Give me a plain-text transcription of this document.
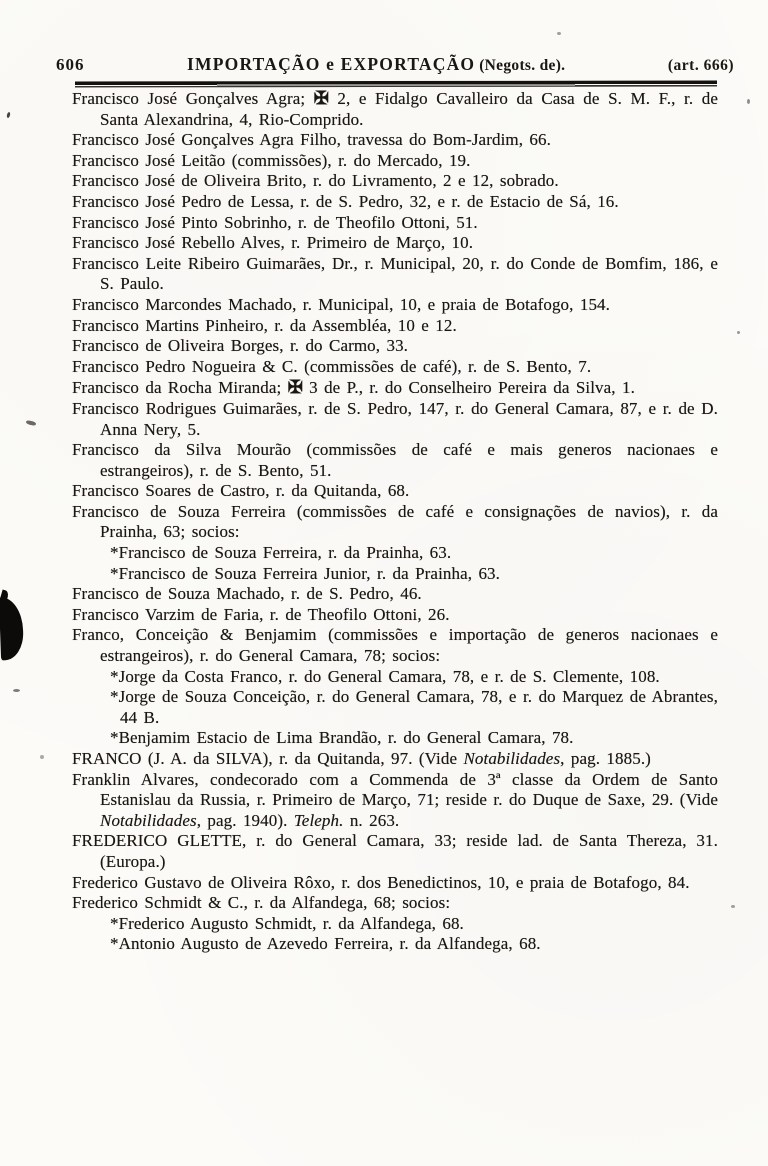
606	IMPORTAÇÃO e EXPORTAÇÃO (Negots. de).	(art. 666)

Francisco José Gonçalves Agra; ✠ 2, e Fidalgo Cavalleiro da Casa de S. M. F., r. de Santa Alexandrina, 4, Rio-Comprido.

Francisco José Gonçalves Agra Filho, travessa do Bom-Jardim, 66.

Francisco José Leitão (commissões), r. do Mercado, 19.

Francisco José de Oliveira Brito, r. do Livramento, 2 e 12, sobrado.

Francisco José Pedro de Lessa, r. de S. Pedro, 32, e r. de Estacio de Sá, 16.

Francisco José Pinto Sobrinho, r. de Theofilo Ottoni, 51.

Francisco José Rebello Alves, r. Primeiro de Março, 10.

Francisco Leite Ribeiro Guimarães, Dr., r. Municipal, 20, r. do Conde de Bomfim, 186, e S. Paulo.

Francisco Marcondes Machado, r. Municipal, 10, e praia de Botafogo, 154.

Francisco Martins Pinheiro, r. da Assembléa, 10 e 12.

Francisco de Oliveira Borges, r. do Carmo, 33.

Francisco Pedro Nogueira & C. (commissões de café), r. de S. Bento, 7.

Francisco da Rocha Miranda; ✠ 3 de P., r. do Conselheiro Pereira da Silva, 1.

Francisco Rodrigues Guimarães, r. de S. Pedro, 147, r. do General Camara, 87, e r. de D. Anna Nery, 5.

Francisco da Silva Mourão (commissões de café e mais generos nacionaes e estrangeiros), r. de S. Bento, 51.

Francisco Soares de Castro, r. da Quitanda, 68.

Francisco de Souza Ferreira (commissões de café e consignações de navios), r. da Prainha, 63; socios:

*Francisco de Souza Ferreira, r. da Prainha, 63.

*Francisco de Souza Ferreira Junior, r. da Prainha, 63.

Francisco de Souza Machado, r. de S. Pedro, 46.

Francisco Varzim de Faria, r. de Theofilo Ottoni, 26.

Franco, Conceição & Benjamim (commissões e importação de generos nacionaes e estrangeiros), r. do General Camara, 78; socios:

*Jorge da Costa Franco, r. do General Camara, 78, e r. de S. Clemente, 108.

*Jorge de Souza Conceição, r. do General Camara, 78, e r. do Marquez de Abrantes, 44 B.

*Benjamim Estacio de Lima Brandão, r. do General Camara, 78.

FRANCO (J. A. da SILVA), r. da Quitanda, 97. (Vide Notabilidades, pag. 1885.)

Franklin Alvares, condecorado com a Commenda de 3ª classe da Ordem de Santo Estanislau da Russia, r. Primeiro de Março, 71; reside r. do Duque de Saxe, 29. (Vide Notabilidades, pag. 1940). Teleph. n. 263.

FREDERICO GLETTE, r. do General Camara, 33; reside lad. de Santa Thereza, 31. (Europa.)

Frederico Gustavo de Oliveira Rôxo, r. dos Benedictinos, 10, e praia de Botafogo, 84.

Frederico Schmidt & C., r. da Alfandega, 68; socios:

*Frederico Augusto Schmidt, r. da Alfandega, 68.

*Antonio Augusto de Azevedo Ferreira, r. da Alfandega, 68.
